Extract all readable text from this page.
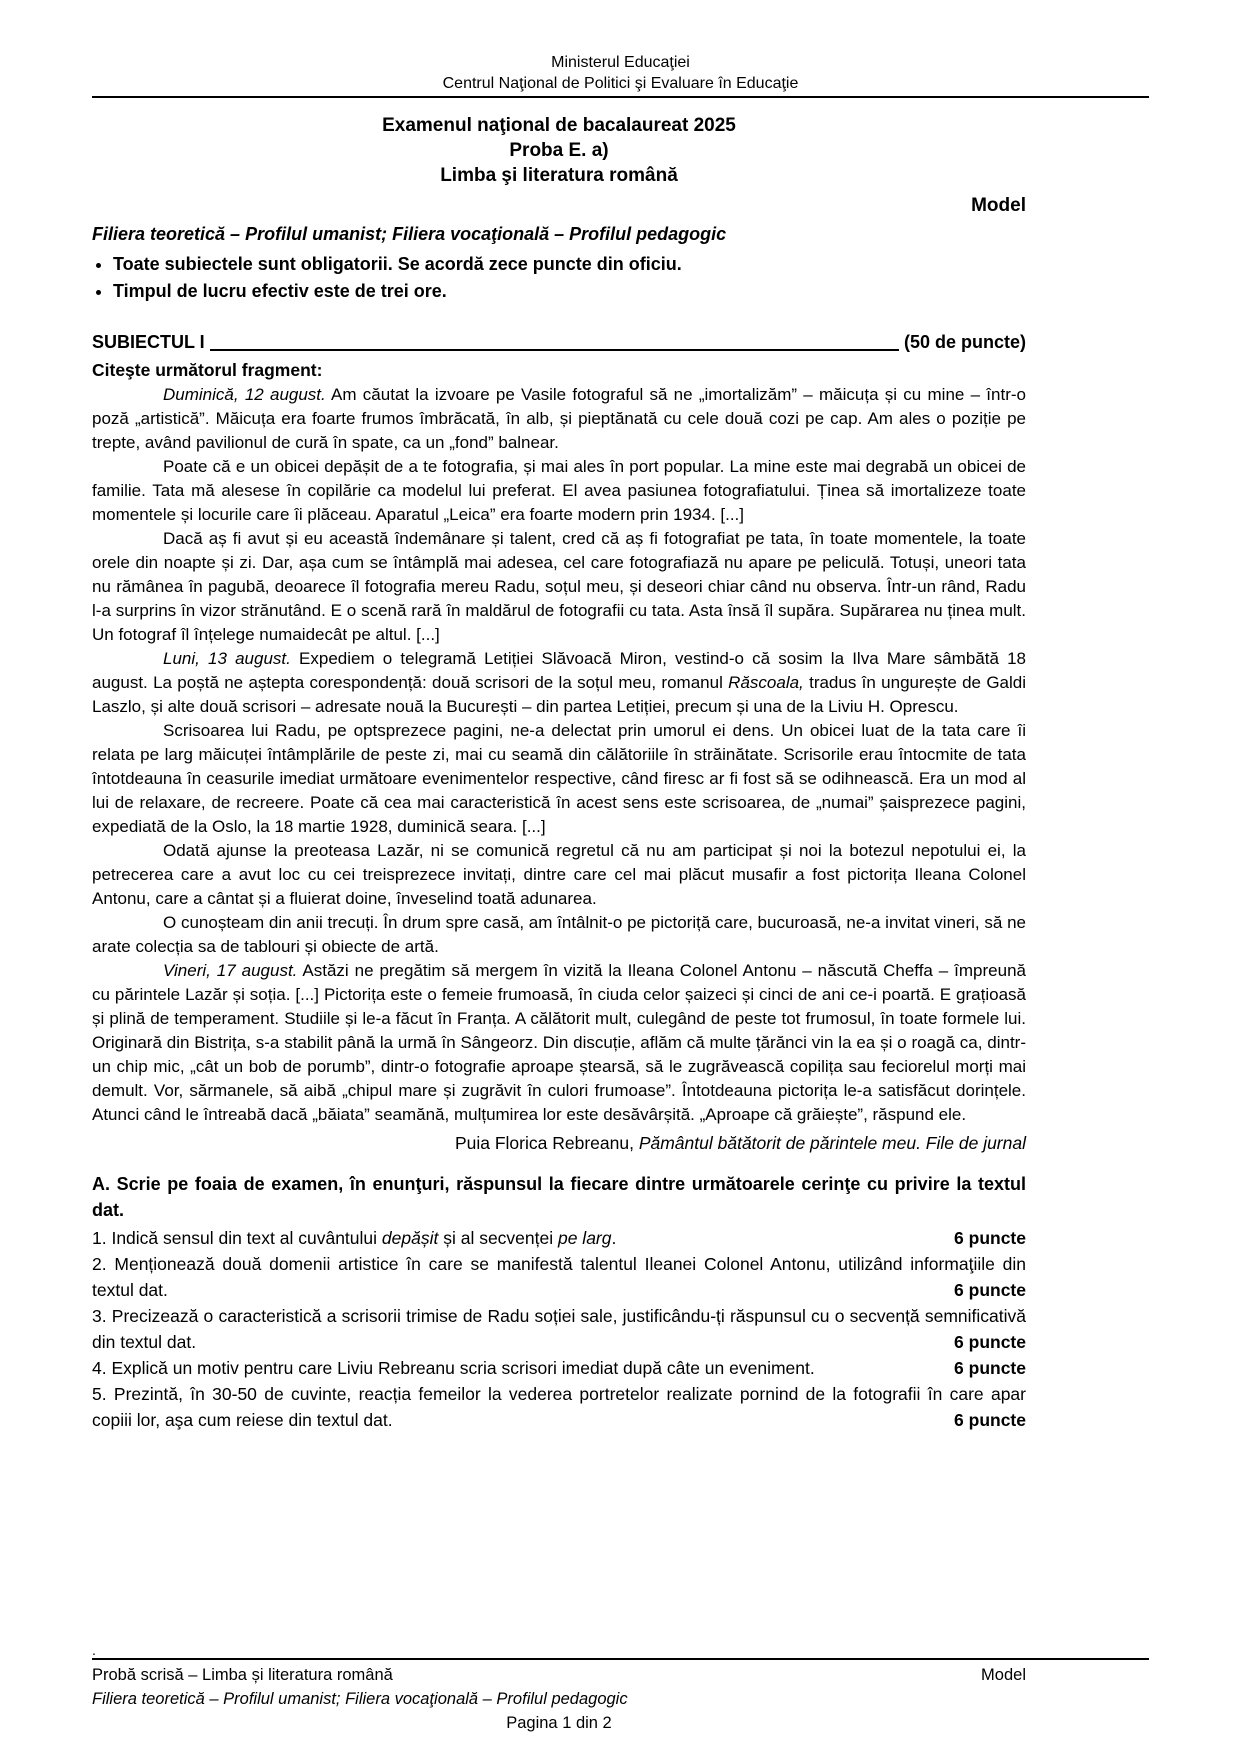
Ministerul Educaţiei
Centrul Naţional de Politici şi Evaluare în Educaţie
Examenul naţional de bacalaureat 2025
Proba E. a)
Limba şi literatura română
Model
Filiera teoretică – Profilul umanist; Filiera vocaţională – Profilul pedagogic
• Toate subiectele sunt obligatorii. Se acordă zece puncte din oficiu.
• Timpul de lucru efectiv este de trei ore.
SUBIECTUL I	(50 de puncte)
Citeşte următorul fragment:

Duminică, 12 august. Am căutat la izvoare pe Vasile fotograful să ne „imortalizăm” – măicuța și cu mine – într-o poză „artistică”. Măicuța era foarte frumos îmbrăcată, în alb, și pieptănată cu cele două cozi pe cap. Am ales o poziție pe trepte, având pavilionul de cură în spate, ca un „fond” balnear.

Poate că e un obicei depășit de a te fotografia, și mai ales în port popular. La mine este mai degrabă un obicei de familie. Tata mă alesese în copilărie ca modelul lui preferat. El avea pasiunea fotografiatului. Ținea să imortalizeze toate momentele și locurile care îi plăceau. Aparatul „Leica” era foarte modern prin 1934. [...]

Dacă aș fi avut și eu această îndemânare și talent, cred că aș fi fotografiat pe tata, în toate momentele, la toate orele din noapte și zi. Dar, așa cum se întâmplă mai adesea, cel care fotografiază nu apare pe peliculă. Totuși, uneori tata nu rămânea în pagubă, deoarece îl fotografia mereu Radu, soțul meu, și deseori chiar când nu observa. Într-un rând, Radu l-a surprins în vizor strănutând. E o scenă rară în maldărul de fotografii cu tata. Asta însă îl supăra. Supărarea nu ținea mult. Un fotograf îl înțelege numaidecât pe altul. [...]

Luni, 13 august. Expediem o telegramă Letiției Slăvoacă Miron, vestind-o că sosim la Ilva Mare sâmbătă 18 august. La poștă ne aștepta corespondență: două scrisori de la soțul meu, romanul Răscoala, tradus în ungurește de Galdi Laszlo, și alte două scrisori – adresate nouă la București – din partea Letiției, precum și una de la Liviu H. Oprescu.

Scrisoarea lui Radu, pe optsprezece pagini, ne-a delectat prin umorul ei dens. Un obicei luat de la tata care îi relata pe larg măicuței întâmplările de peste zi, mai cu seamă din călătoriile în străinătate. Scrisorile erau întocmite de tata întotdeauna în ceasurile imediat următoare evenimentelor respective, când firesc ar fi fost să se odihnească. Era un mod al lui de relaxare, de recreere. Poate că cea mai caracteristică în acest sens este scrisoarea, de „numai” șaisprezece pagini, expediată de la Oslo, la 18 martie 1928, duminică seara. [...]

Odată ajunse la preoteasa Lazăr, ni se comunică regretul că nu am participat și noi la botezul nepotului ei, la petrecerea care a avut loc cu cei treisprezece invitați, dintre care cel mai plăcut musafir a fost pictorița Ileana Colonel Antonu, care a cântat și a fluierat doine, înveselind toată adunarea.

O cunoșteam din anii trecuți. În drum spre casă, am întâlnit-o pe pictoriță care, bucuroasă, ne-a invitat vineri, să ne arate colecția sa de tablouri și obiecte de artă.

Vineri, 17 august. Astăzi ne pregătim să mergem în vizită la Ileana Colonel Antonu – născută Cheffa – împreună cu părintele Lazăr și soția. [...] Pictorița este o femeie frumoasă, în ciuda celor șaizeci și cinci de ani ce-i poartă. E grațioasă și plină de temperament. Studiile și le-a făcut în Franța. A călătorit mult, culegând de peste tot frumosul, în toate formele lui. Originară din Bistrița, s-a stabilit până la urmă în Sângeorz. Din discuție, aflăm că multe țărănci vin la ea și o roagă ca, dintr-un chip mic, „cât un bob de porumb”, dintr-o fotografie aproape ștearsă, să le zugrăvească copilița sau feciorelul morți mai demult. Vor, sărmanele, să aibă „chipul mare și zugrăvit în culori frumoase”. Întotdeauna pictorița le-a satisfăcut dorințele. Atunci când le întreabă dacă „băiata” seamănă, mulțumirea lor este desăvârșită. „Aproape că grăiește”, răspund ele.

Puia Florica Rebreanu, Pământul bătătorit de părintele meu. File de jurnal
A. Scrie pe foaia de examen, în enunţuri, răspunsul la fiecare dintre următoarele cerinţe cu privire la textul dat.
1. Indică sensul din text al cuvântului depășit și al secvenței pe larg.	6 puncte
2. Menționează două domenii artistice în care se manifestă talentul Ileanei Colonel Antonu, utilizând informaţiile din textul dat.	6 puncte
3. Precizează o caracteristică a scrisorii trimise de Radu soției sale, justificându-ți răspunsul cu o secvență semnificativă din textul dat.	6 puncte
4. Explică un motiv pentru care Liviu Rebreanu scria scrisori imediat după câte un eveniment.	6 puncte
5. Prezintă, în 30-50 de cuvinte, reacția femeilor la vederea portretelor realizate pornind de la fotografii în care apar copiii lor, aşa cum reiese din textul dat.	6 puncte
.
Probă scrisă – Limba și literatura română	Model
Filiera teoretică – Profilul umanist; Filiera vocaţională – Profilul pedagogic
Pagina 1 din 2
